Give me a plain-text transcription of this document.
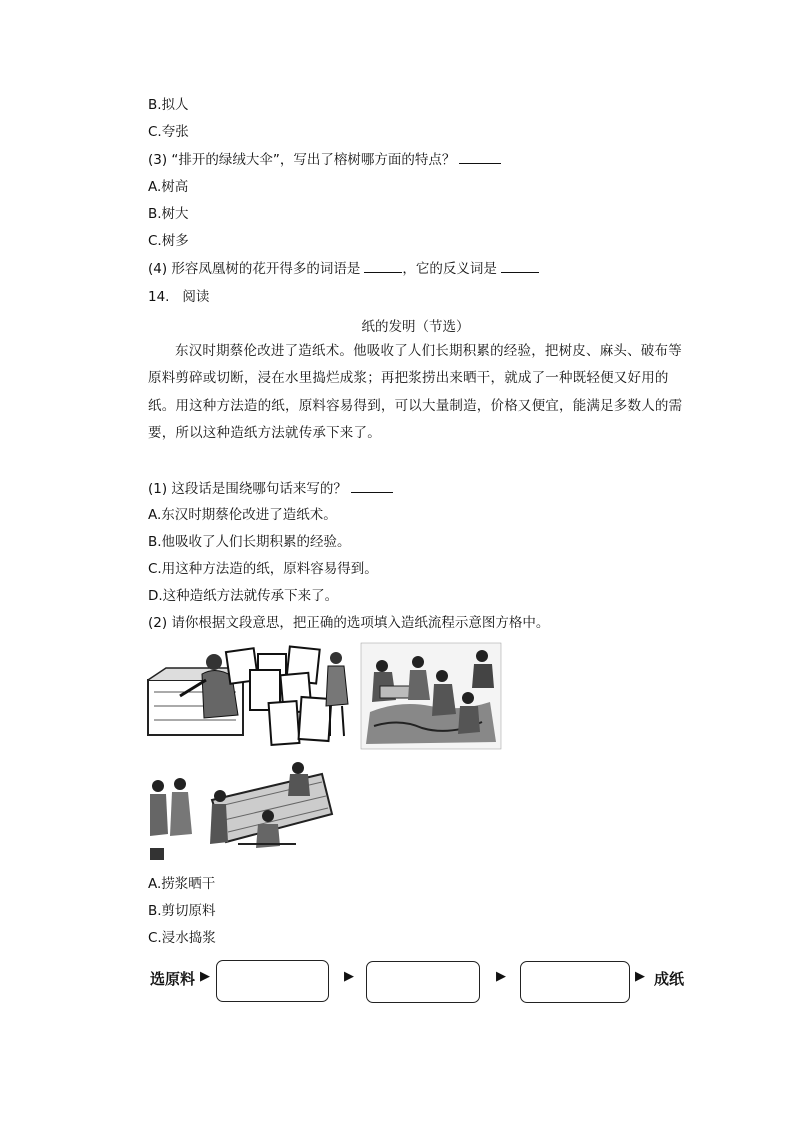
B.拟人
C.夸张
(3) “排开的绿绒大伞”，写出了榕树哪方面的特点？
A.树高
B.树大
C.树多
(4) 形容凤凰树的花开得多的词语是	，它的反义词是
14. 阅读
纸的发明（节选）
东汉时期蔡伦改进了造纸术。他吸收了人们长期积累的经验，把树皮、麻头、破布等原料剪碎或切断，浸在水里捣烂成浆；再把浆捞出来晒干，就成了一种既轻便又好用的纸。用这种方法造的纸，原料容易得到，可以大量制造，价格又便宜，能满足多数人的需要，所以这种造纸方法就传承下来了。
(1) 这段话是围绕哪句话来写的？
A.东汉时期蔡伦改进了造纸术。
B.他吸收了人们长期积累的经验。
C.用这种方法造的纸，原料容易得到。
D.这种造纸方法就传承下来了。
(2) 请你根据文段意思，把正确的选项填入造纸流程示意图方格中。
A.捞浆晒干
B.剪切原料
C.浸水捣浆
选原料 ▶	▶	▶	▶ 成纸
